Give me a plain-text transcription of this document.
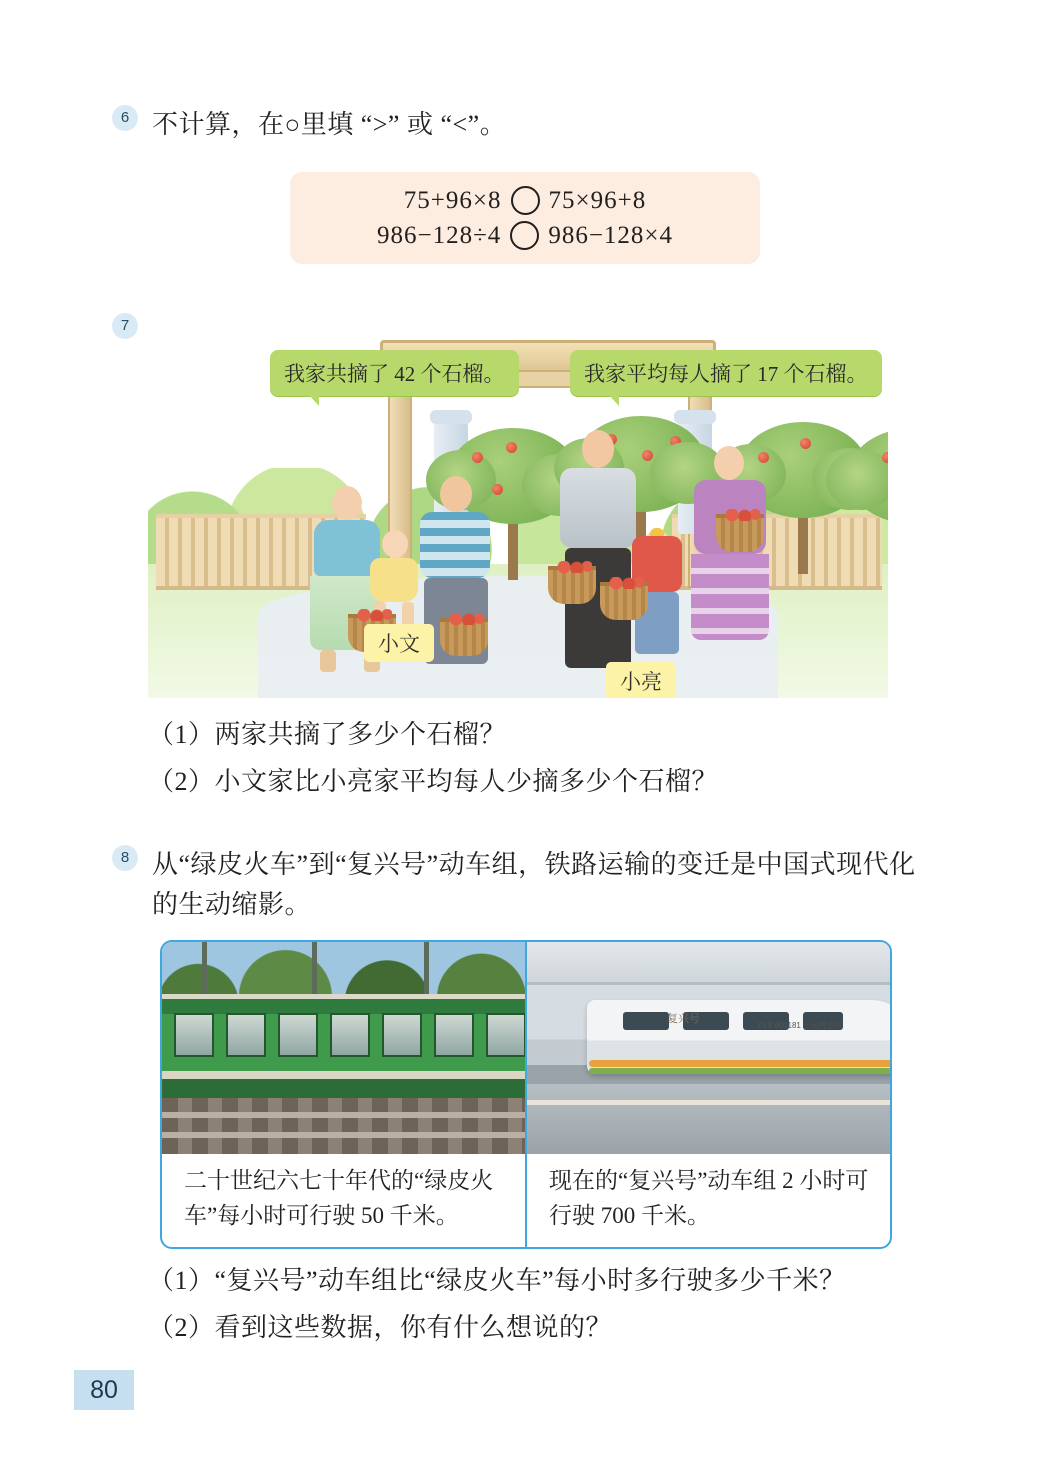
6 不计算，在○里填 “>” 或 “<”。
75+96×8 75×96+8
986−128÷4 986−128×4
7
我家共摘了 42 个石榴。	我家平均每人摘了 17 个石榴。
小文
小亮
（1）两家共摘了多少个石榴？
（2）小文家比小亮家平均每人少摘多少个石榴？
8 从“绿皮火车”到“复兴号”动车组，铁路运输的变迁是中国式现代化的生动缩影。
二十世纪六七十年代的“绿皮火车”每小时可行驶 50 千米。
复兴号
ZYS 001181 一元凭息层
现在的“复兴号”动车组 2 小时可行驶 700 千米。
（1）“复兴号”动车组比“绿皮火车”每小时多行驶多少千米？
（2）看到这些数据，你有什么想说的？
80
